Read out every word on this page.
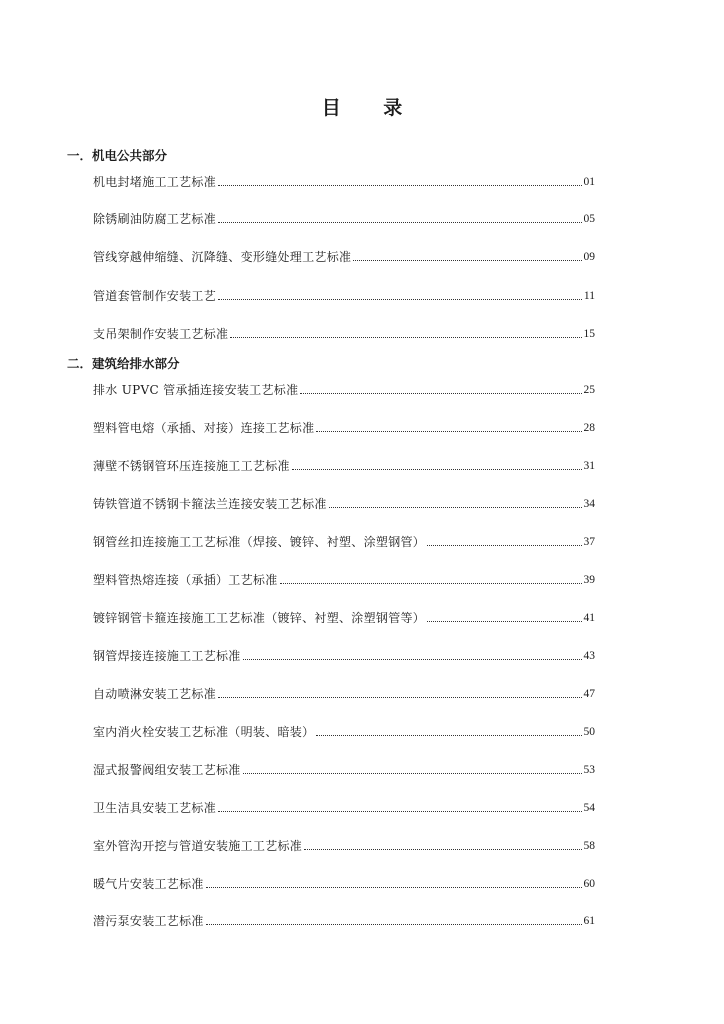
目 录
一．机电公共部分
机电封堵施工工艺标准	01
除锈刷油防腐工艺标准	05
管线穿越伸缩缝、沉降缝、变形缝处理工艺标准	09
管道套管制作安装工艺	11
支吊架制作安装工艺标准	15
二．建筑给排水部分
排水 UPVC 管承插连接安装工艺标准	25
塑料管电熔（承插、对接）连接工艺标准	28
薄壁不锈钢管环压连接施工工艺标准	31
铸铁管道不锈钢卡箍法兰连接安装工艺标准	34
钢管丝扣连接施工工艺标准（焊接、镀锌、衬塑、涂塑钢管）	37
塑料管热熔连接（承插）工艺标准	39
镀锌钢管卡箍连接施工工艺标准（镀锌、衬塑、涂塑钢管等）	41
钢管焊接连接施工工艺标准	43
自动喷淋安装工艺标准	47
室内消火栓安装工艺标准（明装、暗装）	50
湿式报警阀组安装工艺标准	53
卫生洁具安装工艺标准	54
室外管沟开挖与管道安装施工工艺标准	58
暖气片安装工艺标准	60
潜污泵安装工艺标准	61
